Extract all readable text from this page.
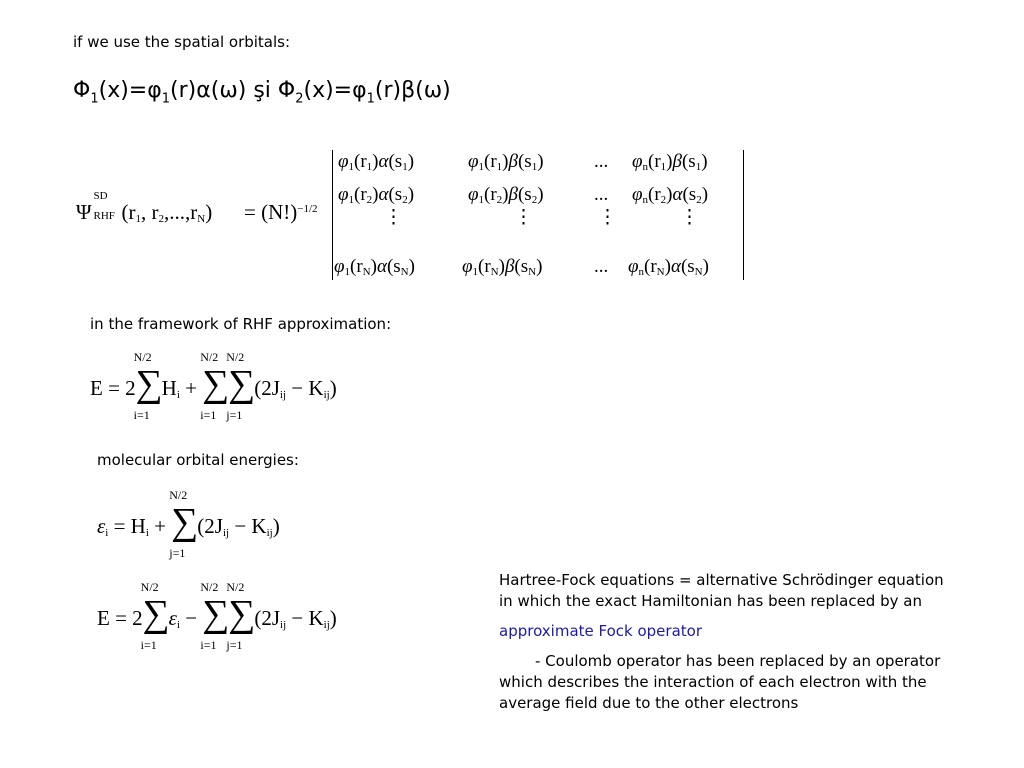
if we use the spatial orbitals:
$\Phi_1(x)=\varphi_1(r)\alpha(\omega)$ şi $\Phi_2(x)=\varphi_1(r)\beta(\omega)$
Ψ
SD
RHF ($r_1$, $r_2,...,r_N) = (N!)^{-1/2}$
$\varphi_1(r_1)\alpha(s_1)$	$\varphi_1(r_1)\beta(s_1)$	... $\varphi_n(r_1)\beta(s_1)$
$\varphi_1(r_2)\alpha(s_2)$	$\varphi_1(r_2)\beta(s_2)$	... $\varphi_n(r_2)\alpha(s_2)$
⋮	⋮	⋮	⋮
$\varphi_1(r_N)\alpha(s_N)$ $\varphi_1(r_N)\beta(s_N)$	... $\varphi_n(r_N)\alpha(s_N)$
in the framework of RHF approximation:
E = 2
N/2
∑
i=1
$H_i$ +
N/2
∑
i=1
N/2
∑
j=1
$(2J_{ij} - K_{ij})$
molecular orbital energies:
$\varepsilon_i = H_i$ +
N/2
∑
j=1
$(2J_{ij} - K_{ij})$
E = 2
N/2
∑
i=1
$\varepsilon_i$ −
N/2
∑
i=1
N/2
∑
j=1
$(2J_{ij} - K_{ij})$
Hartree-Fock equations = alternative Schrödinger equation
in which the exact Hamiltonian has been replaced by an
approximate Fock operator
- Coulomb operator has been replaced by an operator
which describes the interaction of each electron with the
average field due to the other electrons
